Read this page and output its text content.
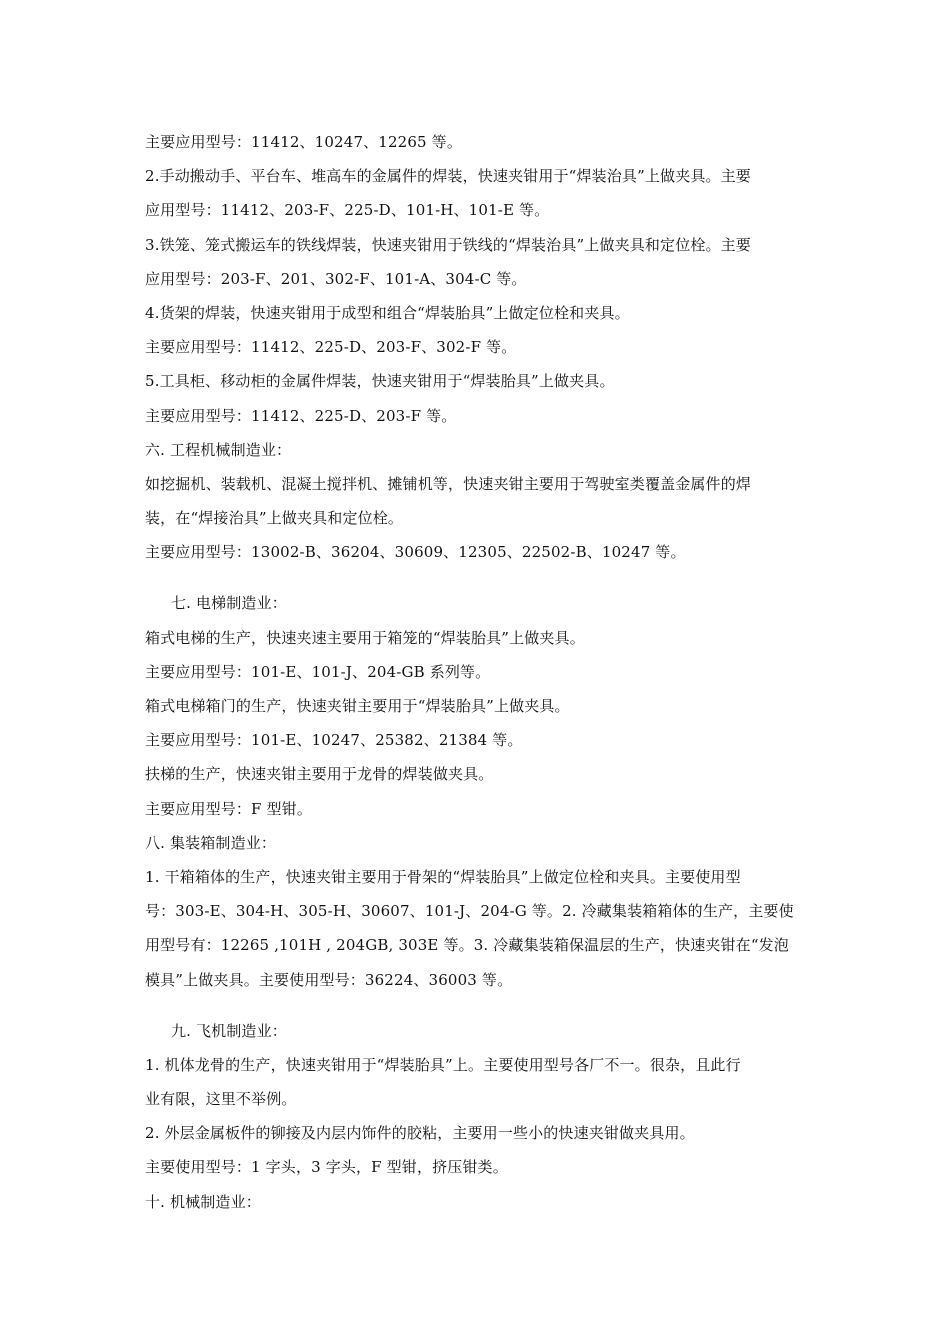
主要应用型号：11412、10247、12265 等。
2.手动搬动手、平台车、堆高车的金属件的焊装，快速夹钳用于“焊装治具”上做夹具。主要
应用型号：11412、203-F、225-D、101-H、101-E 等。
3.铁笼、笼式搬运车的铁线焊装，快速夹钳用于铁线的“焊装治具”上做夹具和定位栓。主要
应用型号：203-F、201、302-F、101-A、304-C 等。
4.货架的焊装，快速夹钳用于成型和组合“焊装胎具”上做定位栓和夹具。
主要应用型号：11412、225-D、203-F、302-F 等。
5.工具柜、移动柜的金属件焊装，快速夹钳用于“焊装胎具”上做夹具。
主要应用型号：11412、225-D、203-F 等。
六. 工程机械制造业：
如挖掘机、装载机、混凝土搅拌机、摊铺机等，快速夹钳主要用于驾驶室类覆盖金属件的焊
装，在“焊接治具”上做夹具和定位栓。
主要应用型号：13002-B、36204、30609、12305、22502-B、10247 等。
七. 电梯制造业：
箱式电梯的生产，快速夹速主要用于箱笼的“焊装胎具”上做夹具。
主要应用型号：101-E、101-J、204-GB 系列等。
箱式电梯箱门的生产，快速夹钳主要用于“焊装胎具”上做夹具。
主要应用型号：101-E、10247、25382、21384 等。
扶梯的生产，快速夹钳主要用于龙骨的焊装做夹具。
主要应用型号：F 型钳。
八. 集装箱制造业：
1. 干箱箱体的生产，快速夹钳主要用于骨架的“焊装胎具”上做定位栓和夹具。主要使用型
号：303-E、304-H、305-H、30607、101-J、204-G 等。2. 冷藏集装箱箱体的生产，主要使
用型号有：12265 ,101H , 204GB, 303E 等。3. 冷藏集装箱保温层的生产，快速夹钳在“发泡
模具”上做夹具。主要使用型号：36224、36003 等。
九. 飞机制造业：
1. 机体龙骨的生产，快速夹钳用于“焊装胎具”上。主要使用型号各厂不一。很杂，且此行
业有限，这里不举例。
2. 外层金属板件的铆接及内层内饰件的胶粘，主要用一些小的快速夹钳做夹具用。
主要使用型号：1 字头，3 字头，F 型钳，挤压钳类。
十. 机械制造业：
